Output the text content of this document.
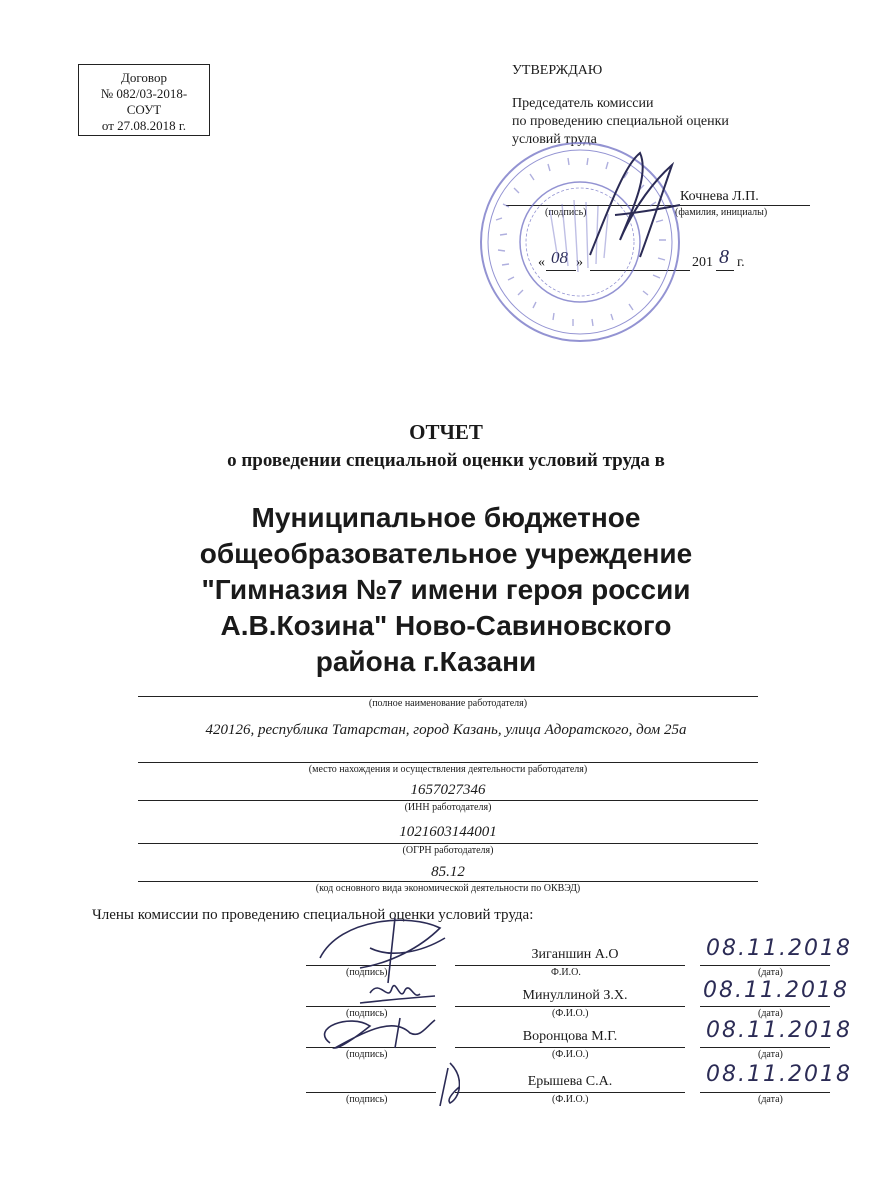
Договор
№ 082/03-2018-
СОУТ
от 27.08.2018 г.
УТВЕРЖДАЮ
Председатель комиссии
по проведению специальной оценки
условий труда
Кочнева Л.П.
(подпись)	(фамилия, инициалы)
« 08 »	201 8 г.
ОТЧЕТ
о проведении специальной оценки условий труда в
Муниципальное бюджетное
общеобразовательное учреждение
"Гимназия №7 имени героя россии
А.В.Козина" Ново-Савиновского
района г.Казани
(полное наименование работодателя)
420126, республика Татарстан, город Казань, улица Адоратского, дом 25а
(место нахождения и осуществления деятельности работодателя)
1657027346
(ИНН работодателя)
1021603144001
(ОГРН работодателя)
85.12
(код основного вида экономической деятельности по ОКВЭД)
Члены комиссии по проведению специальной оценки условий труда:
(подпись)
Зиганшин А.О
Ф.И.О.
08.11.2018
(дата)
(подпись)
Минуллиной З.Х.
(Ф.И.О.)
08.11.2018
(дата)
(подпись)
Воронцова М.Г.
(Ф.И.О.)
08.11.2018
(дата)
(подпись)
Ерышева С.А.
(Ф.И.О.)
08.11.2018
(дата)
